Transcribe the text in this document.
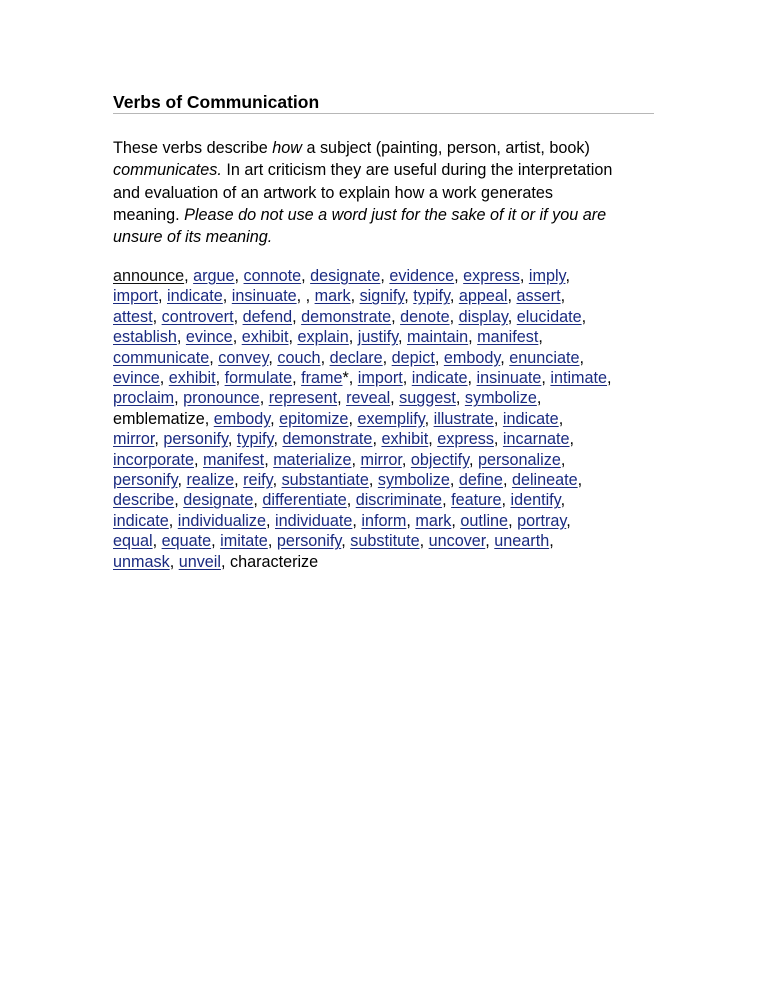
Verbs of Communication
These verbs describe how a subject (painting, person, artist, book)
communicates. In art criticism they are useful during the interpretation
and evaluation of an artwork to explain how a work generates
meaning. Please do not use a word just for the sake of it or if you are
unsure of its meaning.
announce, argue, connote, designate, evidence, express, imply,
import, indicate, insinuate, , mark, signify, typify, appeal, assert,
attest, controvert, defend, demonstrate, denote, display, elucidate,
establish, evince, exhibit, explain, justify, maintain, manifest,
communicate, convey, couch, declare, depict, embody, enunciate,
evince, exhibit, formulate, frame*, import, indicate, insinuate, intimate,
proclaim, pronounce, represent, reveal, suggest, symbolize,
emblematize, embody, epitomize, exemplify, illustrate, indicate,
mirror, personify, typify, demonstrate, exhibit, express, incarnate,
incorporate, manifest, materialize, mirror, objectify, personalize,
personify, realize, reify, substantiate, symbolize, define, delineate,
describe, designate, differentiate, discriminate, feature, identify,
indicate, individualize, individuate, inform, mark, outline, portray,
equal, equate, imitate, personify, substitute, uncover, unearth,
unmask, unveil, characterize
